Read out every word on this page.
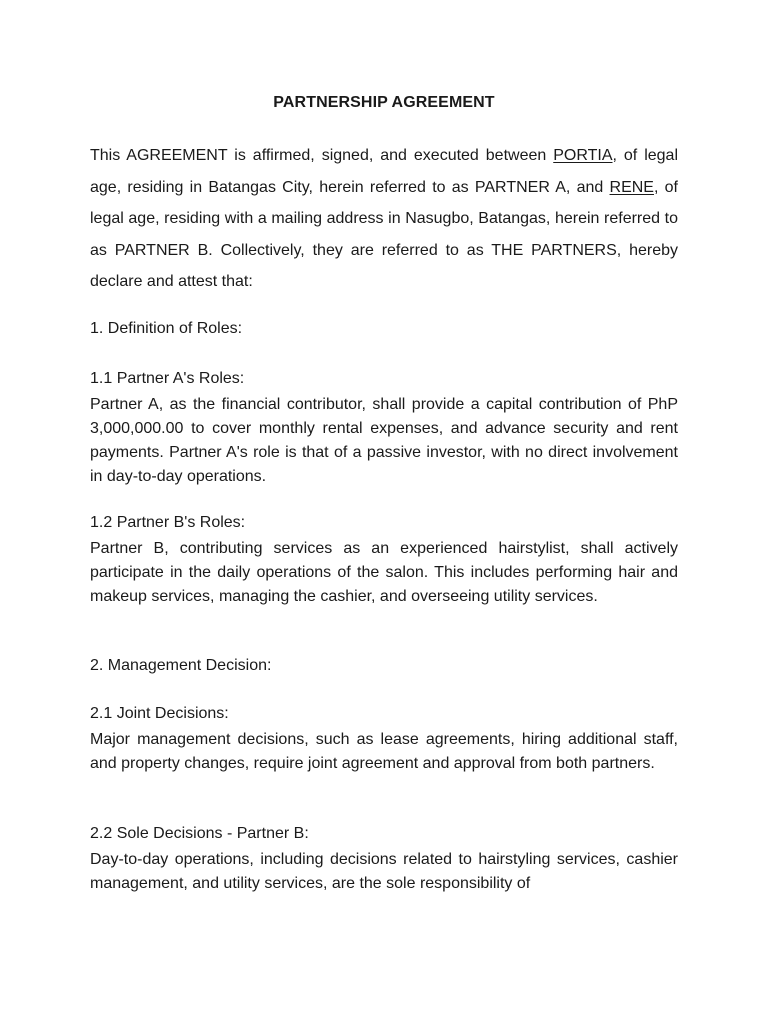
PARTNERSHIP AGREEMENT

This AGREEMENT is affirmed, signed, and executed between PORTIA, of legal age, residing in Batangas City, herein referred to as PARTNER A, and RENE, of legal age, residing with a mailing address in Nasugbo, Batangas, herein referred to as PARTNER B. Collectively, they are referred to as THE PARTNERS, hereby declare and attest that:

1. Definition of Roles:

1.1 Partner A's Roles:

Partner A, as the financial contributor, shall provide a capital contribution of PhP 3,000,000.00 to cover monthly rental expenses, and advance security and rent payments. Partner A's role is that of a passive investor, with no direct involvement in day-to-day operations.

1.2 Partner B's Roles:

Partner B, contributing services as an experienced hairstylist, shall actively participate in the daily operations of the salon. This includes performing hair and makeup services, managing the cashier, and overseeing utility services.

2. Management Decision:

2.1 Joint Decisions:

Major management decisions, such as lease agreements, hiring additional staff, and property changes, require joint agreement and approval from both partners.

2.2 Sole Decisions - Partner B:

Day-to-day operations, including decisions related to hairstyling services, cashier management, and utility services, are the sole responsibility of
